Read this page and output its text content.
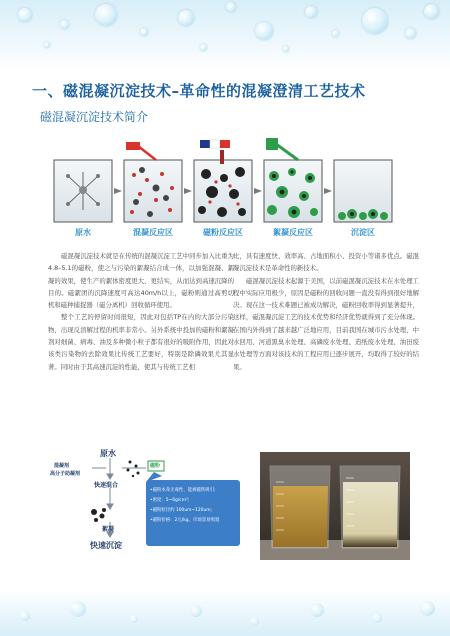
一、磁混凝沉淀技术–革命性的混凝澄清工艺技术
磁混凝沉淀技术简介
原水	混凝反应区	磁粉反应区	絮凝反应区	沉淀区

磁混凝沉淀技术就是在传统的混凝沉淀工艺中同步加入比重为4.8–5.1的磁粉，使之与污染的絮凝结合成一体，以加强混凝、絮凝的效果，使生产的絮体密度更大、更结实，从而达到高速沉降的目的。磁絮团的沉降速度可高达40m/h以上，磁粉则通过高剪切机和磁种捕捉器（磁分离机）回收循环使用。

整个工艺的停留时间很短，因此对包括TP在内的大部分污染物，出现反溶解过程的机率非常小。另外系统中投加的磁粉和絮凝剂对细菌、病毒、油及多种微小粒子都有很好的吸附作用，因此对该类污染物的去除效果比传统工艺要好，特别是除磷效果尤其显著。同时由于其高速沉淀的性能，使其与传统工艺相

比，具有速度快、效率高、占地面积小、投资小等诸多优点。磁混凝沉淀技术是革命性的新技术。

磁混凝沉淀技术起源于美国，以前磁混凝沉淀技术在水处理工程中实际应用极少，原因是磁粉的回收问题一直没有得到很好地解决。现在这一技术难题已被成功解决，磁粉回收率得到显著提升，这样，磁混凝沉淀工艺的技术优势和经济优势就得到了充分体现。在国内外得到了越来越广泛地应用，目前我国在城市污水处理、中水回用、河道黑臭水处理、高磷废水处理、造纸废水处理、油田废水处理等方面对该技术的工程应用已逐步展开，均取得了较好的结果。

原水
混凝剂
高分子助凝剂
磁粉
快速混合
絮凝
快速沉淀
•磁粉本身无毒性、能被磁铁吸引;
•密度：5~6g/cm³;
•磁粉粒径约 100um~120um;
•磁粉价格：2元/kg、市场容易购置
